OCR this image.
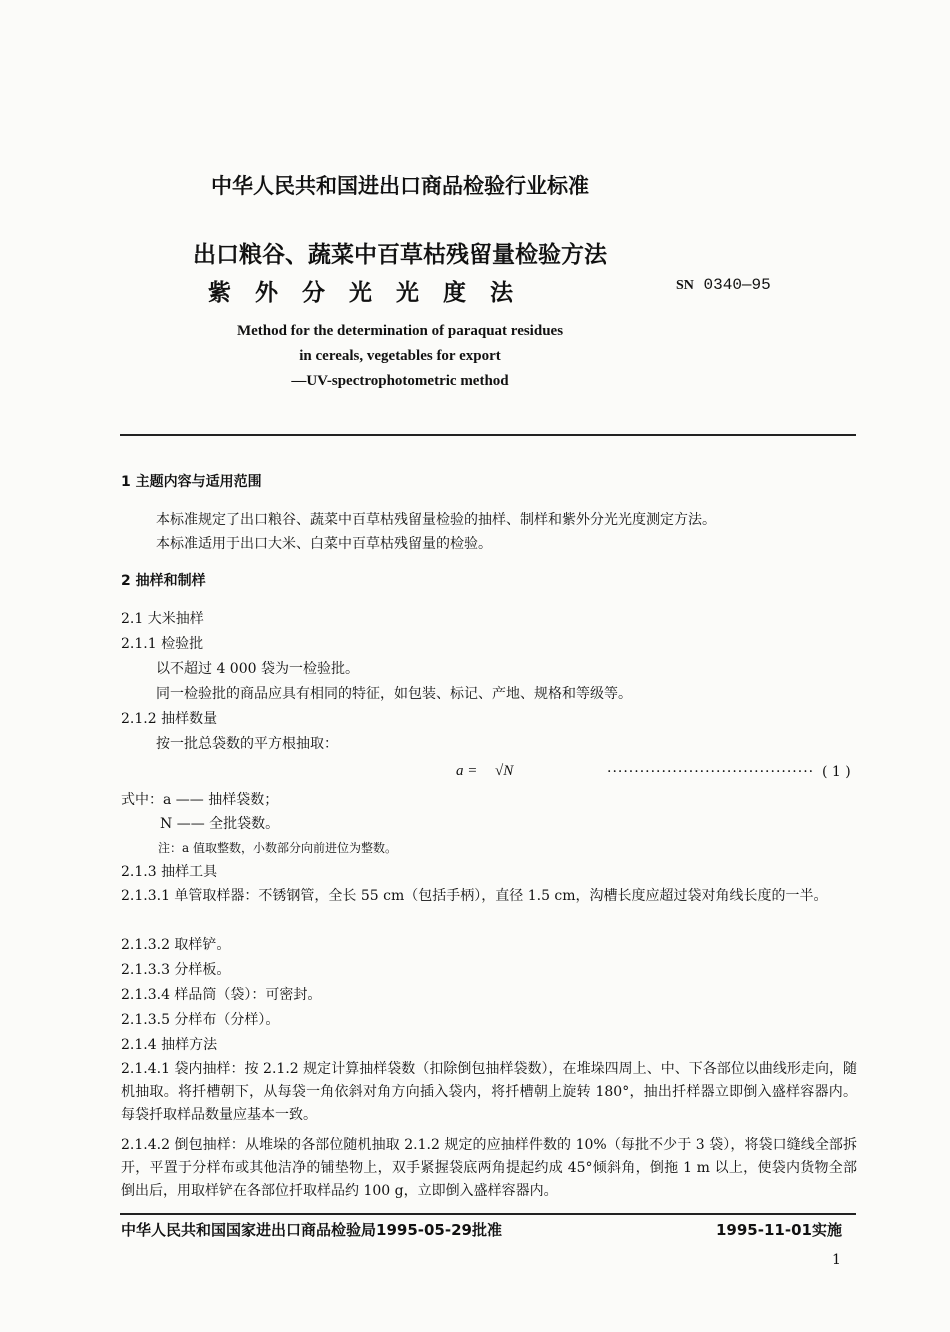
中华人民共和国进出口商品检验行业标准
出口粮谷、蔬菜中百草枯残留量检验方法
紫外分光光度法	SN 0340—95
Method for the determination of paraquat residues
in cereals, vegetables for export
—UV-spectrophotometric method
1 主题内容与适用范围
本标准规定了出口粮谷、蔬菜中百草枯残留量检验的抽样、制样和紫外分光光度测定方法。
本标准适用于出口大米、白菜中百草枯残留量的检验。
2 抽样和制样
2.1 大米抽样
2.1.1 检验批
以不超过 4 000 袋为一检验批。
同一检验批的商品应具有相同的特征，如包装、标记、产地、规格和等级等。
2.1.2 抽样数量
按一批总袋数的平方根抽取：
a = √N	······································ ( 1 )
式中：a —— 抽样袋数；
N —— 全批袋数。
注：a 值取整数，小数部分向前进位为整数。
2.1.3 抽样工具
2.1.3.1 单管取样器：不锈钢管，全长 55 cm（包括手柄），直径 1.5 cm，沟槽长度应超过袋对角线长度的一半。
2.1.3.2 取样铲。
2.1.3.3 分样板。
2.1.3.4 样品筒（袋）：可密封。
2.1.3.5 分样布（分样）。
2.1.4 抽样方法
2.1.4.1 袋内抽样：按 2.1.2 规定计算抽样袋数（扣除倒包抽样袋数），在堆垛四周上、中、下各部位以曲线形走向，随机抽取。将扦槽朝下，从每袋一角依斜对角方向插入袋内，将扦槽朝上旋转 180°，抽出扦样器立即倒入盛样容器内。每袋扦取样品数量应基本一致。
2.1.4.2 倒包抽样：从堆垛的各部位随机抽取 2.1.2 规定的应抽样件数的 10%（每批不少于 3 袋），将袋口缝线全部拆开，平置于分样布或其他洁净的铺垫物上，双手紧握袋底两角提起约成 45°倾斜角，倒拖 1 m 以上，使袋内货物全部倒出后，用取样铲在各部位扦取样品约 100 g，立即倒入盛样容器内。
中华人民共和国国家进出口商品检验局1995-05-29批准	1995-11-01实施
1
